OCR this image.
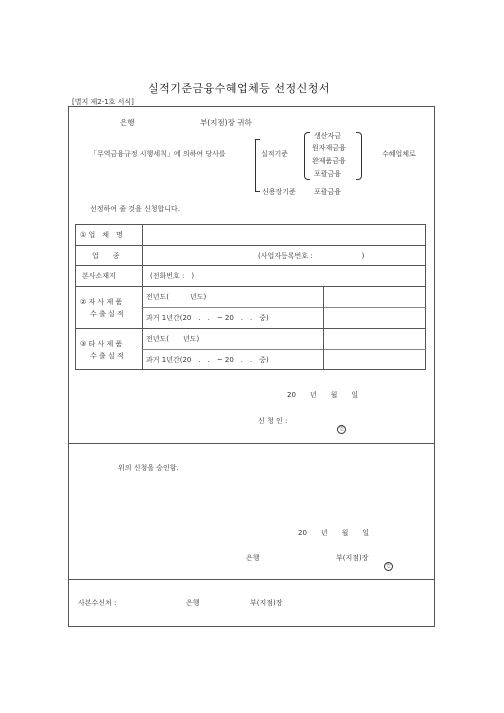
실적기준금융수혜업체등 선정신청서
[별지 제2-1호 서식]
은행	부(지점)장 귀하
「무역금융규정 시행세칙」에 의하여 당사를	실적기준
신용장기준
생산자금
원자재금융
완제품금융
포괄금융
포괄금융
수혜업체로
선정하여 줄 것을 신청합니다.
① 업　체　명
업　　종	(사업자등록번호 :　　　　　　　)
본사소재지	(전화번호 :　)
② 자 사 제 품
수 출 실 적
전년도(　　　년도)
과거 1년간(20　.　.　~ 20　.　.　중)
③ 타 사 제 품
수 출 실 적
전년도(　　년도)
과거 1년간(20　.　.　~ 20　.　.　중)
20　　년　　월　　일
신 청 인 :
인
위의 신청을 승인함.
20　　년　　월　　일
은행	부(지점)장
인
사본수신처 :	은행	부(지점)장
